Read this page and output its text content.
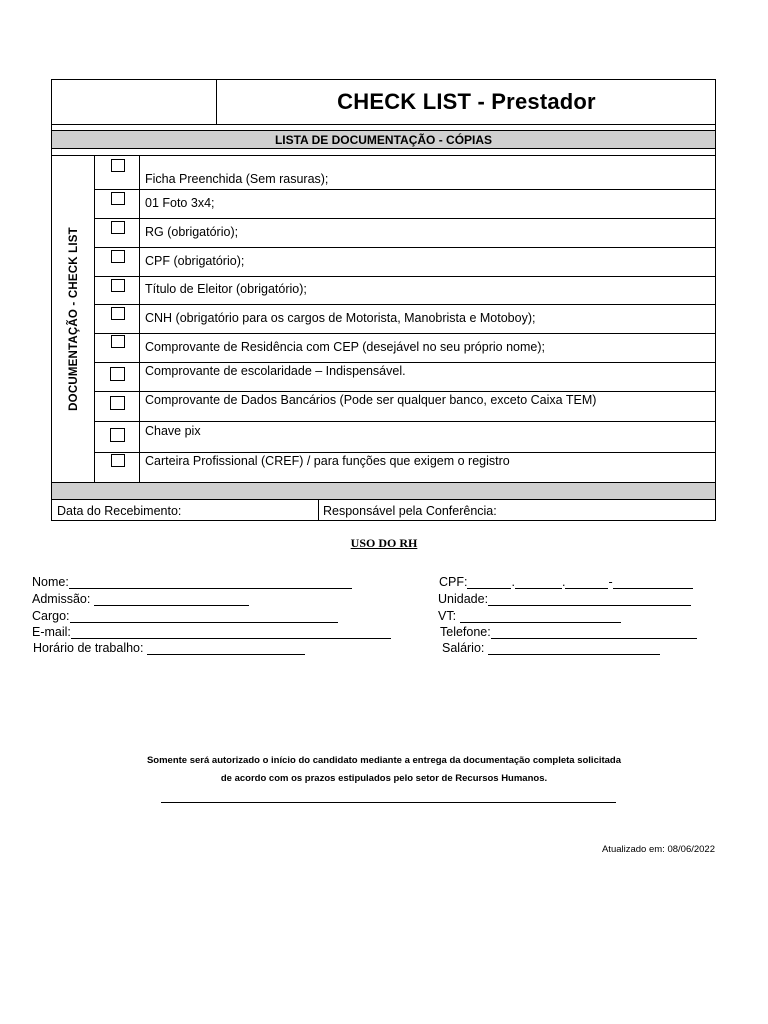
CHECK LIST - Prestador
LISTA DE DOCUMENTAÇÃO - CÓPIAS
DOCUMENTAÇÃO - CHECK LIST
Ficha Preenchida (Sem rasuras);
01 Foto 3x4;
RG (obrigatório);
CPF (obrigatório);
Título de Eleitor (obrigatório);
CNH (obrigatório para os cargos de Motorista, Manobrista e Motoboy);
Comprovante de Residência com CEP (desejável no seu próprio nome);
Comprovante de escolaridade – Indispensável.
Comprovante de Dados Bancários (Pode ser qualquer banco, exceto Caixa TEM)
Chave pix
Carteira Profissional (CREF) / para funções que exigem o registro
Data do Recebimento:	Responsável pela Conferência:
USO DO RH
Nome:
Admissão:
Cargo:
E-mail:
Horário de trabalho:
CPF:	.	.	-
Unidade:
VT:
Telefone:
Salário:
Somente será autorizado o início do candidato mediante a entrega da documentação completa solicitada
de acordo com os prazos estipulados pelo setor de Recursos Humanos.
Atualizado em: 08/06/2022
